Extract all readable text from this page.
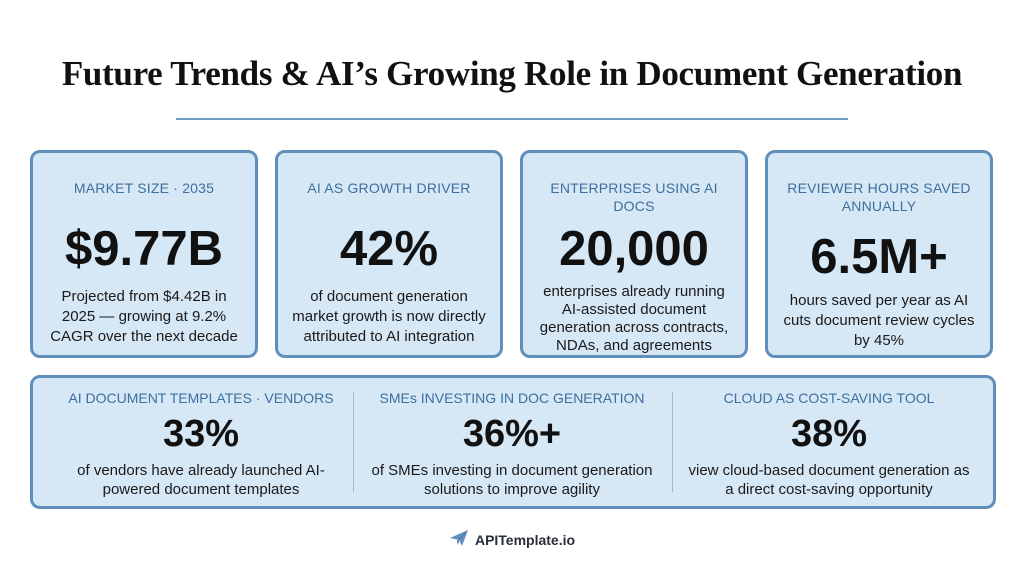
Future Trends & AI’s Growing Role in Document Generation
MARKET SIZE · 2035
$9.77B
Projected from $4.42B in 2025 — growing at 9.2% CAGR over the next decade
AI AS GROWTH DRIVER
42%
of document generation market growth is now directly attributed to AI integration
ENTERPRISES USING AI DOCS
20,000
enterprises already running AI-assisted document generation across contracts, NDAs, and agreements
REVIEWER HOURS SAVED ANNUALLY
6.5M+
hours saved per year as AI cuts document review cycles by 45%
AI DOCUMENT TEMPLATES · VENDORS
33%
of vendors have already launched AI-powered document templates
SMEs INVESTING IN DOC GENERATION
36%+
of SMEs investing in document generation solutions to improve agility
CLOUD AS COST-SAVING TOOL
38%
view cloud-based document generation as a direct cost-saving opportunity
APITemplate.io
